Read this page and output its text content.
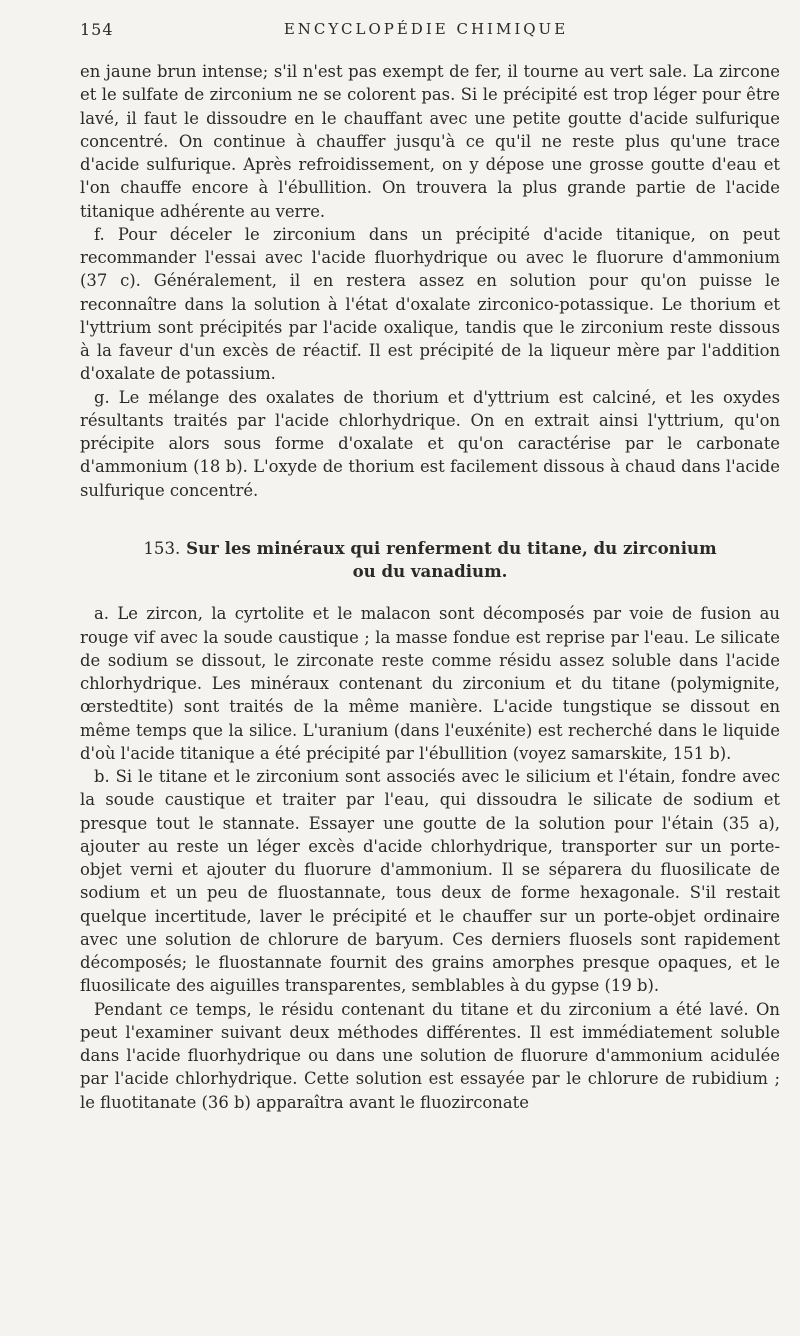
154	ENCYCLOPÉDIE CHIMIQUE

en jaune brun intense; s'il n'est pas exempt de fer, il tourne au vert sale. La zircone et le sulfate de zirconium ne se colorent pas. Si le précipité est trop léger pour être lavé, il faut le dissoudre en le chauffant avec une petite goutte d'acide sulfurique concentré. On continue à chauffer jusqu'à ce qu'il ne reste plus qu'une trace d'acide sulfurique. Après refroidissement, on y dépose une grosse goutte d'eau et l'on chauffe encore à l'ébullition. On trouvera la plus grande partie de l'acide titanique adhérente au verre.

f. Pour déceler le zirconium dans un précipité d'acide titanique, on peut recommander l'essai avec l'acide fluorhydrique ou avec le fluorure d'ammonium (37 c). Généralement, il en restera assez en solution pour qu'on puisse le reconnaître dans la solution à l'état d'oxalate zirconico-potassique. Le thorium et l'yttrium sont précipités par l'acide oxalique, tandis que le zirconium reste dissous à la faveur d'un excès de réactif. Il est précipité de la liqueur mère par l'addition d'oxalate de potassium.

g. Le mélange des oxalates de thorium et d'yttrium est calciné, et les oxydes résultants traités par l'acide chlorhydrique. On en extrait ainsi l'yttrium, qu'on précipite alors sous forme d'oxalate et qu'on caractérise par le carbonate d'ammonium (18 b). L'oxyde de thorium est facilement dissous à chaud dans l'acide sulfurique concentré.

153. Sur les minéraux qui renferment du titane, du zirconium
ou du vanadium.

a. Le zircon, la cyrtolite et le malacon sont décomposés par voie de fusion au rouge vif avec la soude caustique ; la masse fondue est reprise par l'eau. Le silicate de sodium se dissout, le zirconate reste comme résidu assez soluble dans l'acide chlorhydrique. Les minéraux contenant du zirconium et du titane (polymignite, œrstedtite) sont traités de la même manière. L'acide tungstique se dissout en même temps que la silice. L'uranium (dans l'euxénite) est recherché dans le liquide d'où l'acide titanique a été précipité par l'ébullition (voyez samarskite, 151 b).

b. Si le titane et le zirconium sont associés avec le silicium et l'étain, fondre avec la soude caustique et traiter par l'eau, qui dissoudra le silicate de sodium et presque tout le stannate. Essayer une goutte de la solution pour l'étain (35 a), ajouter au reste un léger excès d'acide chlorhydrique, transporter sur un porte-objet verni et ajouter du fluorure d'ammonium. Il se séparera du fluosilicate de sodium et un peu de fluostannate, tous deux de forme hexagonale. S'il restait quelque incertitude, laver le précipité et le chauffer sur un porte-objet ordinaire avec une solution de chlorure de baryum. Ces derniers fluosels sont rapidement décomposés; le fluostannate fournit des grains amorphes presque opaques, et le fluosilicate des aiguilles transparentes, semblables à du gypse (19 b).

Pendant ce temps, le résidu contenant du titane et du zirconium a été lavé. On peut l'examiner suivant deux méthodes différentes. Il est immédiatement soluble dans l'acide fluorhydrique ou dans une solution de fluorure d'ammonium acidulée par l'acide chlorhydrique. Cette solution est essayée par le chlorure de rubidium ; le fluotitanate (36 b) apparaîtra avant le fluozirconate
